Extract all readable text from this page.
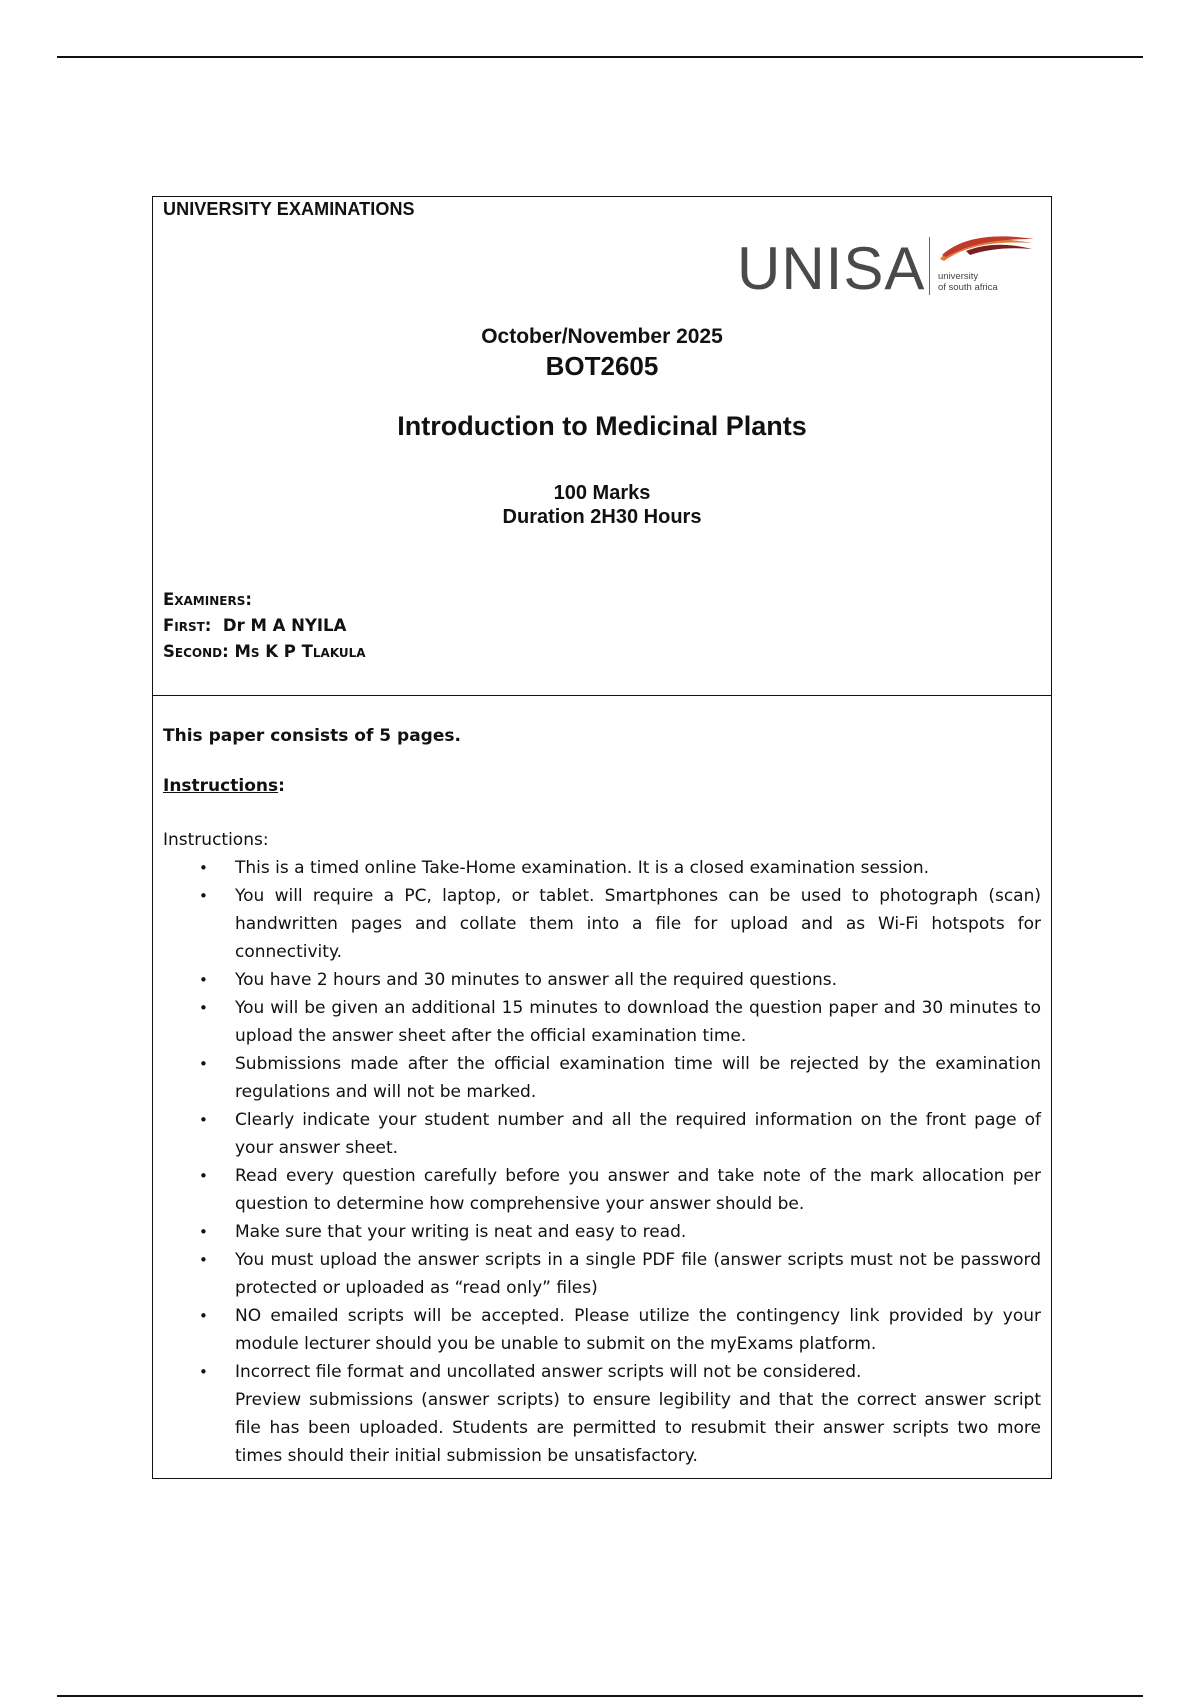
UNIVERSITY EXAMINATIONS
UNISA university
of south africa
October/November 2025
BOT2605
Introduction to Medicinal Plants
100 Marks
Duration 2H30 Hours
Examiners:
First: Dr M A NYILA
Second: Ms K P Tlakula

This paper consists of 5 pages.

Instructions:

Instructions:

• This is a timed online Take-Home examination. It is a closed examination session.
• You will require a PC, laptop, or tablet. Smartphones can be used to photograph (scan) handwritten pages and collate them into a file for upload and as Wi-Fi hotspots for connectivity.
• You have 2 hours and 30 minutes to answer all the required questions.
• You will be given an additional 15 minutes to download the question paper and 30 minutes to upload the answer sheet after the official examination time.
• Submissions made after the official examination time will be rejected by the examination regulations and will not be marked.
• Clearly indicate your student number and all the required information on the front page of your answer sheet.
• Read every question carefully before you answer and take note of the mark allocation per question to determine how comprehensive your answer should be.
• Make sure that your writing is neat and easy to read.
• You must upload the answer scripts in a single PDF file (answer scripts must not be password protected or uploaded as “read only” files)
• NO emailed scripts will be accepted. Please utilize the contingency link provided by your module lecturer should you be unable to submit on the myExams platform.
• Incorrect file format and uncollated answer scripts will not be considered.

Preview submissions (answer scripts) to ensure legibility and that the correct answer script file has been uploaded. Students are permitted to resubmit their answer scripts two more times should their initial submission be unsatisfactory.
